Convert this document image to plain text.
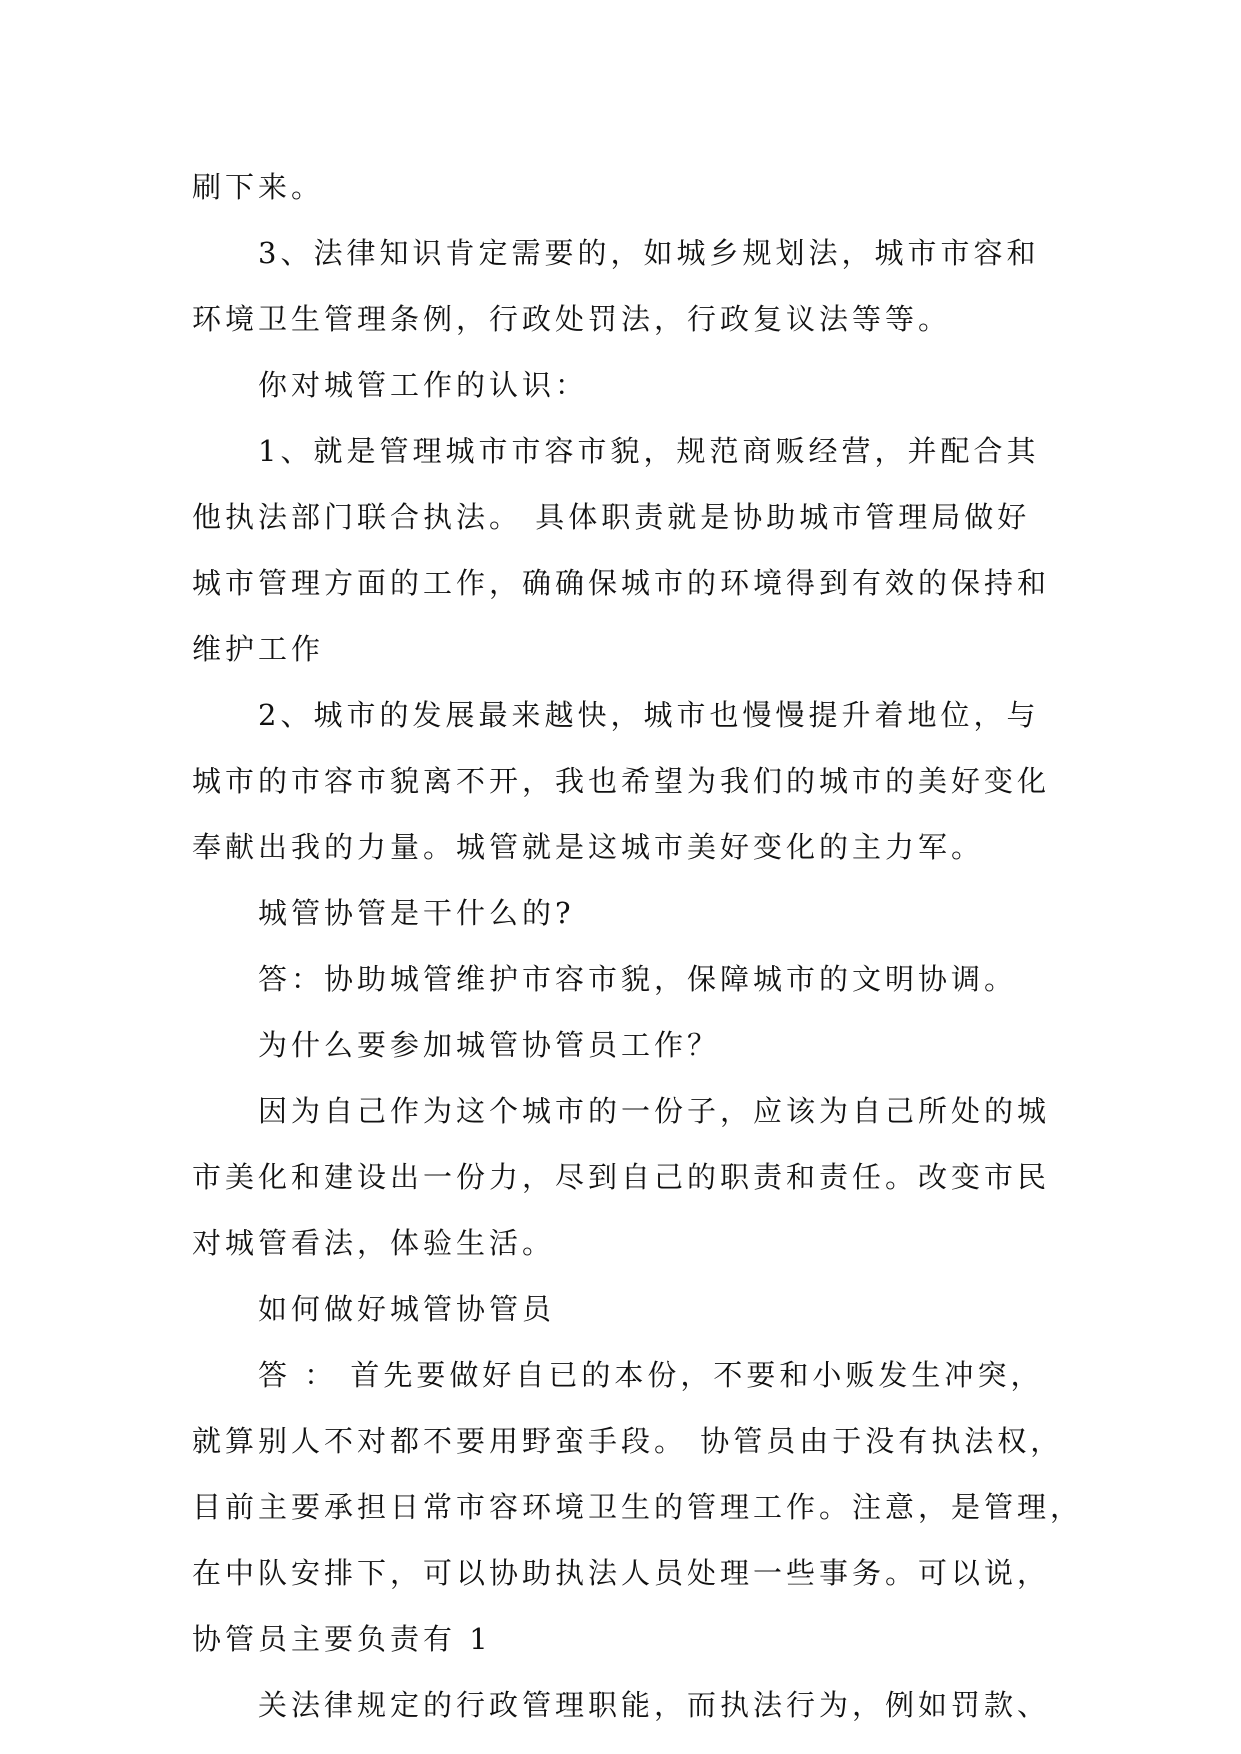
刷下来。
3、法律知识肯定需要的，如城乡规划法，城市市容和
环境卫生管理条例，行政处罚法，行政复议法等等。
你对城管工作的认识：
1、就是管理城市市容市貌，规范商贩经营，并配合其
他执法部门联合执法。 具体职责就是协助城市管理局做好
城市管理方面的工作，确确保城市的环境得到有效的保持和
维护工作
2、城市的发展最来越快，城市也慢慢提升着地位，与
城市的市容市貌离不开，我也希望为我们的城市的美好变化
奉献出我的力量。城管就是这城市美好变化的主力军。
城管协管是干什么的?
答：协助城管维护市容市貌，保障城市的文明协调。
为什么要参加城管协管员工作？
因为自己作为这个城市的一份子，应该为自己所处的城
市美化和建设出一份力，尽到自己的职责和责任。改变市民
对城管看法，体验生活。
如何做好城管协管员
答 ： 首先要做好自已的本份，不要和小贩发生冲突，
就算别人不对都不要用野蛮手段。 协管员由于没有执法权，
目前主要承担日常市容环境卫生的管理工作。注意，是管理，
在中队安排下，可以协助执法人员处理一些事务。可以说，
协管员主要负责有 1
关法律规定的行政管理职能，而执法行为，例如罚款、
